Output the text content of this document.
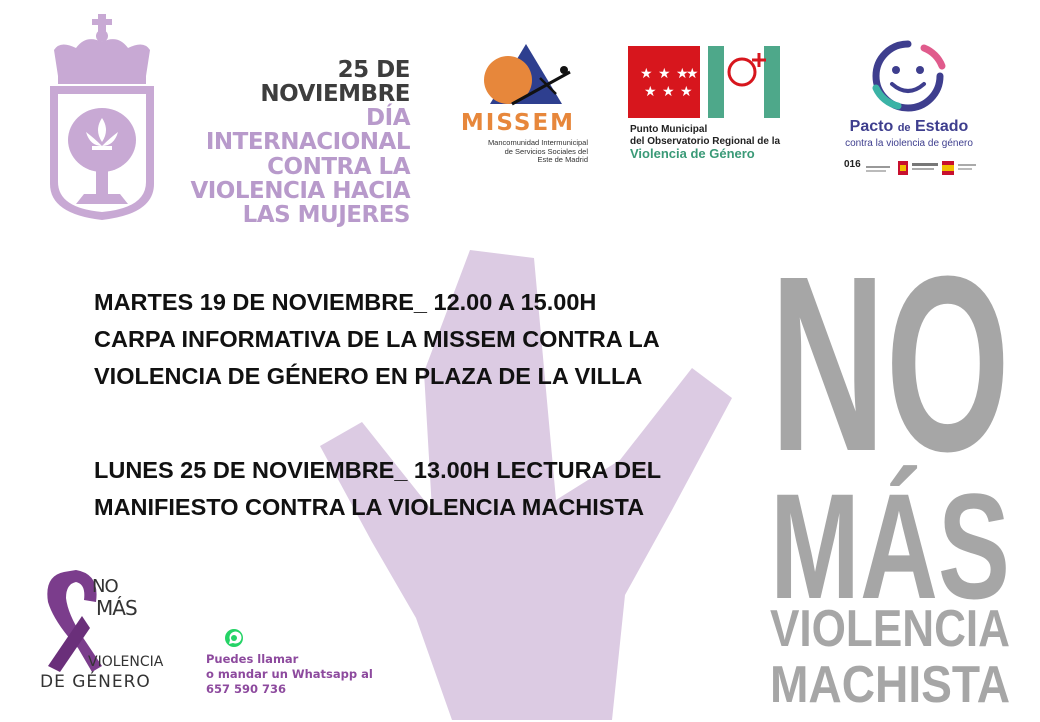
25 DE NOVIEMBRE
DÍA INTERNACIONAL
CONTRA LA
VIOLENCIA HACIA
LAS MUJERES
MISSEM
Mancomunidad Intermunicipal
de Servicios Sociales del
Este de Madrid
★ ★ ★
★
★ ★ ★
Punto Municipal
del Observatorio Regional de la
Violencia de Género
Pacto de Estado
contra la violencia de género
016
MARTES 19 DE NOVIEMBRE_ 12.00 A 15.00H
CARPA INFORMATIVA DE LA MISSEM CONTRA LA
VIOLENCIA DE GÉNERO EN PLAZA DE LA VILLA
LUNES 25 DE NOVIEMBRE_ 13.00H LECTURA DEL
MANIFIESTO CONTRA LA VIOLENCIA MACHISTA
NO
MÁS
VIOLENCIA
MACHISTA
NO
MÁS
VIOLENCIA
DE GÉNERO
Puedes llamar
o mandar un Whatsapp al
657 590 736
